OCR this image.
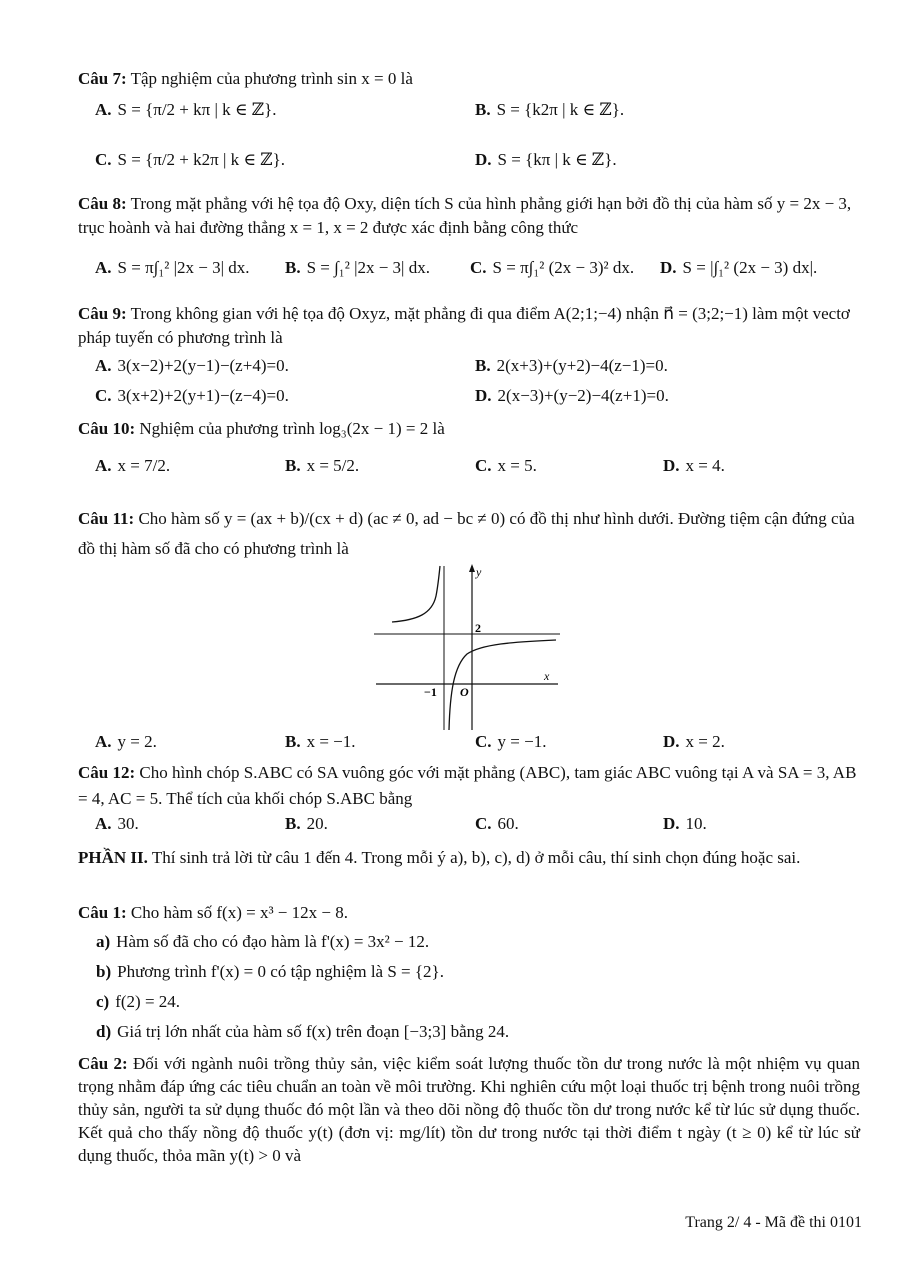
Câu 7: Tập nghiệm của phương trình sin x = 0 là
A. S = {π/2 + kπ | k ∈ ℤ}.	B. S = {k2π | k ∈ ℤ}.
C. S = {π/2 + k2π | k ∈ ℤ}.	D. S = {kπ | k ∈ ℤ}.
Câu 8: Trong mặt phẳng với hệ tọa độ Oxy, diện tích S của hình phẳng giới hạn bởi đồ thị của hàm số y = 2x − 3, trục hoành và hai đường thẳng x = 1, x = 2 được xác định bằng công thức
A. S = π∫₁² |2x − 3| dx. B. S = ∫₁² |2x − 3| dx. C. S = π∫₁² (2x − 3)² dx. D. S = |∫₁² (2x − 3) dx|.
Câu 9: Trong không gian với hệ tọa độ Oxyz, mặt phẳng đi qua điểm A(2;1;−4) nhận n⃗ = (3;2;−1) làm một vectơ pháp tuyến có phương trình là
A. 3(x−2)+2(y−1)−(z+4)=0.	B. 2(x+3)+(y+2)−4(z−1)=0.
C. 3(x+2)+2(y+1)−(z−4)=0.	D. 2(x−3)+(y−2)−4(z+1)=0.
Câu 10: Nghiệm của phương trình log₃(2x − 1) = 2 là
A. x = 7/2.	B. x = 5/2.	C. x = 5.	D. x = 4.
Câu 11: Cho hàm số y = (ax + b)/(cx + d) (ac ≠ 0, ad − bc ≠ 0) có đồ thị như hình dưới. Đường tiệm cận đứng của đồ thị hàm số đã cho có phương trình là
y
x
2
−1 O
A. y = 2.	B. x = −1.	C. y = −1.	D. x = 2.
Câu 12: Cho hình chóp S.ABC có SA vuông góc với mặt phẳng (ABC), tam giác ABC vuông tại A và SA = 3, AB = 4, AC = 5. Thể tích của khối chóp S.ABC bằng
A. 30.	B. 20.	C. 60.	D. 10.
PHẦN II. Thí sinh trả lời từ câu 1 đến 4. Trong mỗi ý a), b), c), d) ở mỗi câu, thí sinh chọn đúng hoặc sai.
Câu 1: Cho hàm số f(x) = x³ − 12x − 8.
a) Hàm số đã cho có đạo hàm là f'(x) = 3x² − 12.
b) Phương trình f'(x) = 0 có tập nghiệm là S = {2}.
c) f(2) = 24.
d) Giá trị lớn nhất của hàm số f(x) trên đoạn [−3;3] bằng 24.
Câu 2: Đối với ngành nuôi trồng thủy sản, việc kiểm soát lượng thuốc tồn dư trong nước là một nhiệm vụ quan trọng nhằm đáp ứng các tiêu chuẩn an toàn về môi trường. Khi nghiên cứu một loại thuốc trị bệnh trong nuôi trồng thủy sản, người ta sử dụng thuốc đó một lần và theo dõi nồng độ thuốc tồn dư trong nước kể từ lúc sử dụng thuốc. Kết quả cho thấy nồng độ thuốc y(t) (đơn vị: mg/lít) tồn dư trong nước tại thời điểm t ngày (t ≥ 0) kể từ lúc sử dụng thuốc, thỏa mãn y(t) > 0 và
Trang 2/ 4 - Mã đề thi 0101
